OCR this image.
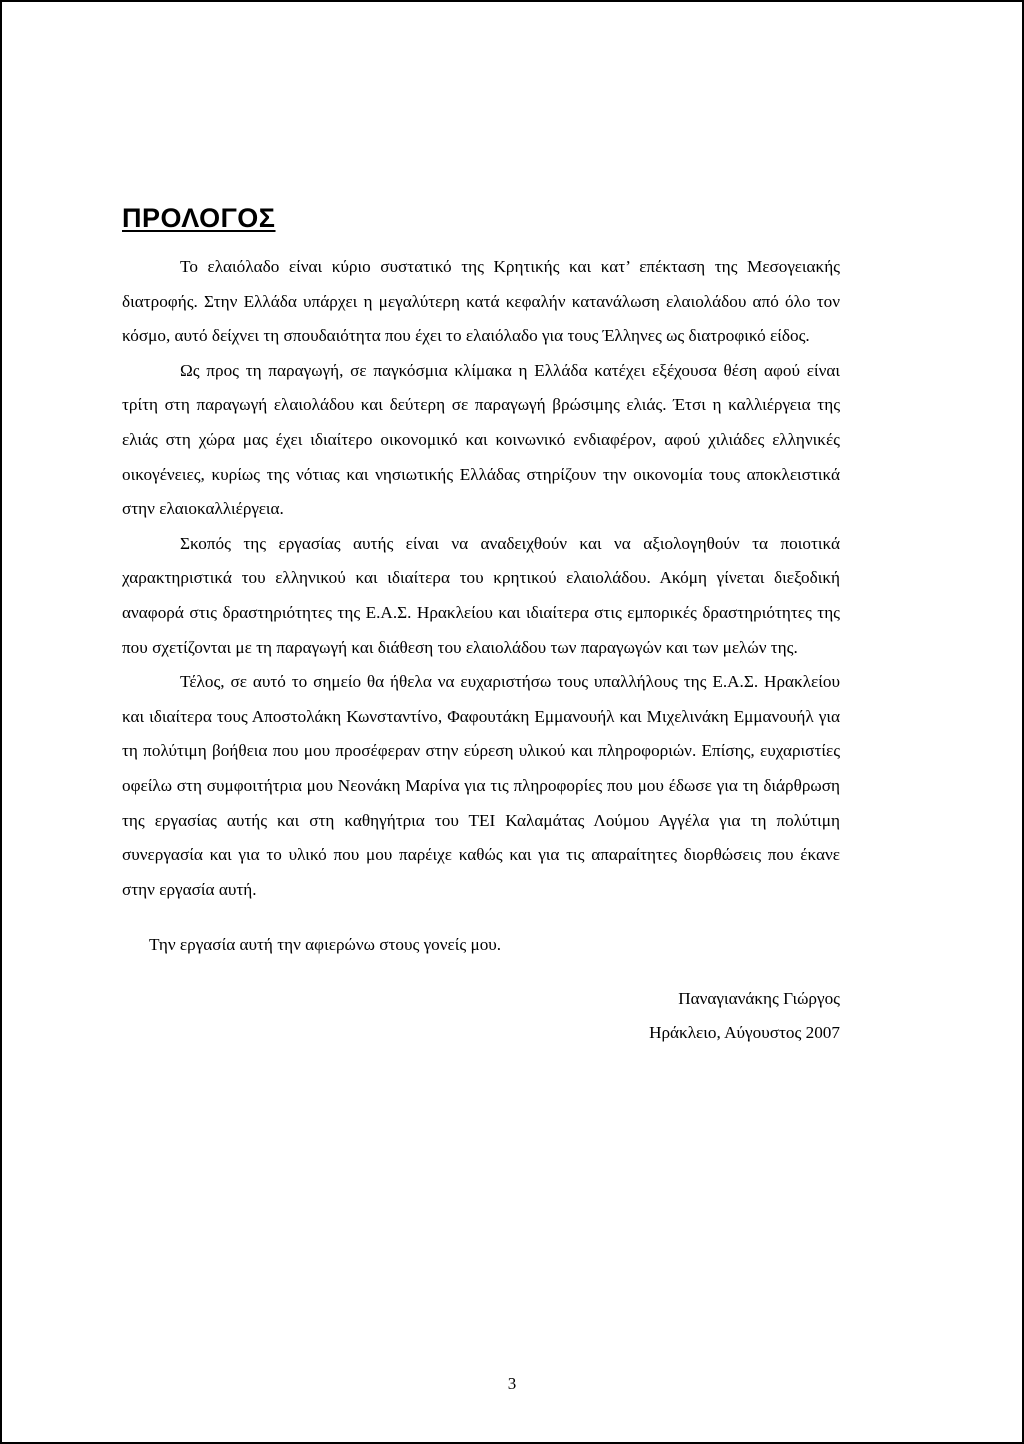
ΠΡΟΛΟΓΟΣ

Το ελαιόλαδο είναι κύριο συστατικό της Κρητικής και κατ’ επέκταση της Μεσογειακής διατροφής. Στην Ελλάδα υπάρχει η μεγαλύτερη κατά κεφαλήν κατανάλωση ελαιολάδου από όλο τον κόσμο, αυτό δείχνει τη σπουδαιότητα που έχει το ελαιόλαδο για τους Έλληνες ως διατροφικό είδος.

Ως προς τη παραγωγή, σε παγκόσμια κλίμακα η Ελλάδα κατέχει εξέχουσα θέση αφού είναι τρίτη στη παραγωγή ελαιολάδου και δεύτερη σε παραγωγή βρώσιμης ελιάς. Έτσι η καλλιέργεια της ελιάς στη χώρα μας έχει ιδιαίτερο οικονομικό και κοινωνικό ενδιαφέρον, αφού χιλιάδες ελληνικές οικογένειες, κυρίως της νότιας και νησιωτικής Ελλάδας στηρίζουν την οικονομία τους αποκλειστικά στην ελαιοκαλλιέργεια.

Σκοπός της εργασίας αυτής είναι να αναδειχθούν και να αξιολογηθούν τα ποιοτικά χαρακτηριστικά του ελληνικού και ιδιαίτερα του κρητικού ελαιολάδου. Ακόμη γίνεται διεξοδική αναφορά στις δραστηριότητες της Ε.Α.Σ. Ηρακλείου και ιδιαίτερα στις εμπορικές δραστηριότητες της που σχετίζονται με τη παραγωγή και διάθεση του ελαιολάδου των παραγωγών και των μελών της.

Τέλος, σε αυτό το σημείο θα ήθελα να ευχαριστήσω τους υπαλλήλους της Ε.Α.Σ. Ηρακλείου και ιδιαίτερα τους Αποστολάκη Κωνσταντίνο, Φαφουτάκη Εμμανουήλ και Μιχελινάκη Εμμανουήλ για τη πολύτιμη βοήθεια που μου προσέφεραν στην εύρεση υλικού και πληροφοριών. Επίσης, ευχαριστίες οφείλω στη συμφοιτήτρια μου Νεονάκη Μαρίνα για τις πληροφορίες που μου έδωσε για τη διάρθρωση της εργασίας αυτής και στη καθηγήτρια του ΤΕΙ Καλαμάτας Λούμου Αγγέλα για τη πολύτιμη συνεργασία και για το υλικό που μου παρέιχε καθώς και για τις απαραίτητες διορθώσεις που έκανε στην εργασία αυτή.

Την εργασία αυτή την αφιερώνω στους γονείς μου.

Παναγιανάκης Γιώργος

Ηράκλειο, Αύγουστος 2007

3
